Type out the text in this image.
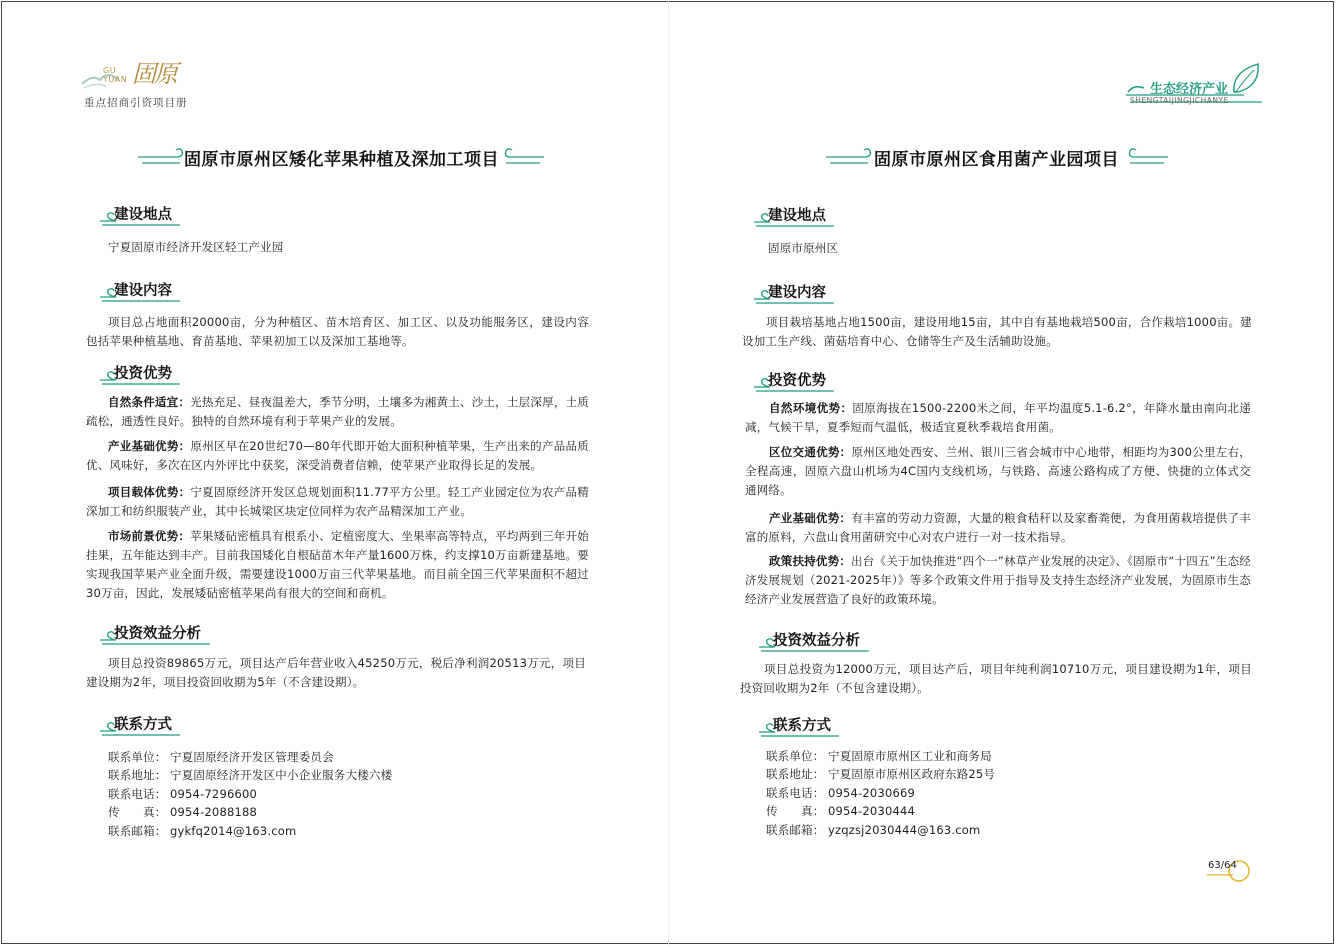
GU
YUAN 固原
重点招商引资项目册
生态经济产业
SHENGTAIJINGJICHANYE
固原市原州区矮化苹果种植及深加工项目
建设地点
宁夏固原市经济开发区轻工产业园
建设内容
项目总占地面积20000亩，分为种植区、苗木培育区、加工区、以及功能服务区，建设内容包括苹果种植基地、育苗基地、苹果初加工以及深加工基地等。
投资优势
自然条件适宜：光热充足、昼夜温差大，季节分明，土壤多为湘黄土、沙土，土层深厚，土质疏松，通透性良好。独特的自然环境有利于苹果产业的发展。
产业基础优势：原州区早在20世纪70—80年代即开始大面积种植苹果，生产出来的产品品质优、风味好，多次在区内外评比中获奖，深受消费者信赖，使苹果产业取得长足的发展。
项目载体优势：宁夏固原经济开发区总规划面积11.77平方公里。轻工产业园定位为农产品精深加工和纺织服装产业，其中长城梁区块定位同样为农产品精深加工产业。
市场前景优势：苹果矮砧密植具有根系小、定植密度大、坐果率高等特点，平均两到三年开始挂果，五年能达到丰产。目前我国矮化自根砧苗木年产量1600万株，约支撑10万亩新建基地。要实现我国苹果产业全面升级，需要建设1000万亩三代苹果基地。而目前全国三代苹果面积不超过30万亩，因此，发展矮砧密植苹果尚有很大的空间和商机。
投资效益分析
项目总投资89865万元，项目达产后年营业收入45250万元，税后净利润20513万元，项目建设期为2年，项目投资回收期为5年（不含建设期）。
联系方式
联系单位： 宁夏固原经济开发区管理委员会
联系地址： 宁夏固原经济开发区中小企业服务大楼六楼
联系电话： 0954-7296600
传　　真： 0954-2088188
联系邮箱： gykfq2014@163.com
固原市原州区食用菌产业园项目
建设地点
固原市原州区
建设内容
项目栽培基地占地1500亩，建设用地15亩，其中自有基地栽培500亩，合作栽培1000亩。建设加工生产线、菌菇培育中心、仓储等生产及生活辅助设施。
投资优势
自然环境优势：固原海拔在1500-2200米之间，年平均温度5.1-6.2°，年降水量由南向北递减，气候干旱，夏季短而气温低，极适宜夏秋季栽培食用菌。
区位交通优势：原州区地处西安、兰州、银川三省会城市中心地带，相距均为300公里左右，全程高速，固原六盘山机场为4C国内支线机场，与铁路、高速公路构成了方便、快捷的立体式交通网络。
产业基础优势：有丰富的劳动力资源，大量的粮食秸秆以及家畜粪便，为食用菌栽培提供了丰富的原料，六盘山食用菌研究中心对农户进行一对一技术指导。
政策扶持优势：出台《关于加快推进“四个一”林草产业发展的决定》、《固原市“十四五”生态经济发展规划（2021-2025年）》等多个政策文件用于指导及支持生态经济产业发展，为固原市生态经济产业发展营造了良好的政策环境。
投资效益分析
项目总投资为12000万元，项目达产后，项目年纯利润10710万元，项目建设期为1年，项目投资回收期为2年（不包含建设期）。
联系方式
联系单位： 宁夏固原市原州区工业和商务局
联系地址： 宁夏固原市原州区政府东路25号
联系电话： 0954-2030669
传　　真： 0954-2030444
联系邮箱： yzqzsj2030444@163.com
63/64
